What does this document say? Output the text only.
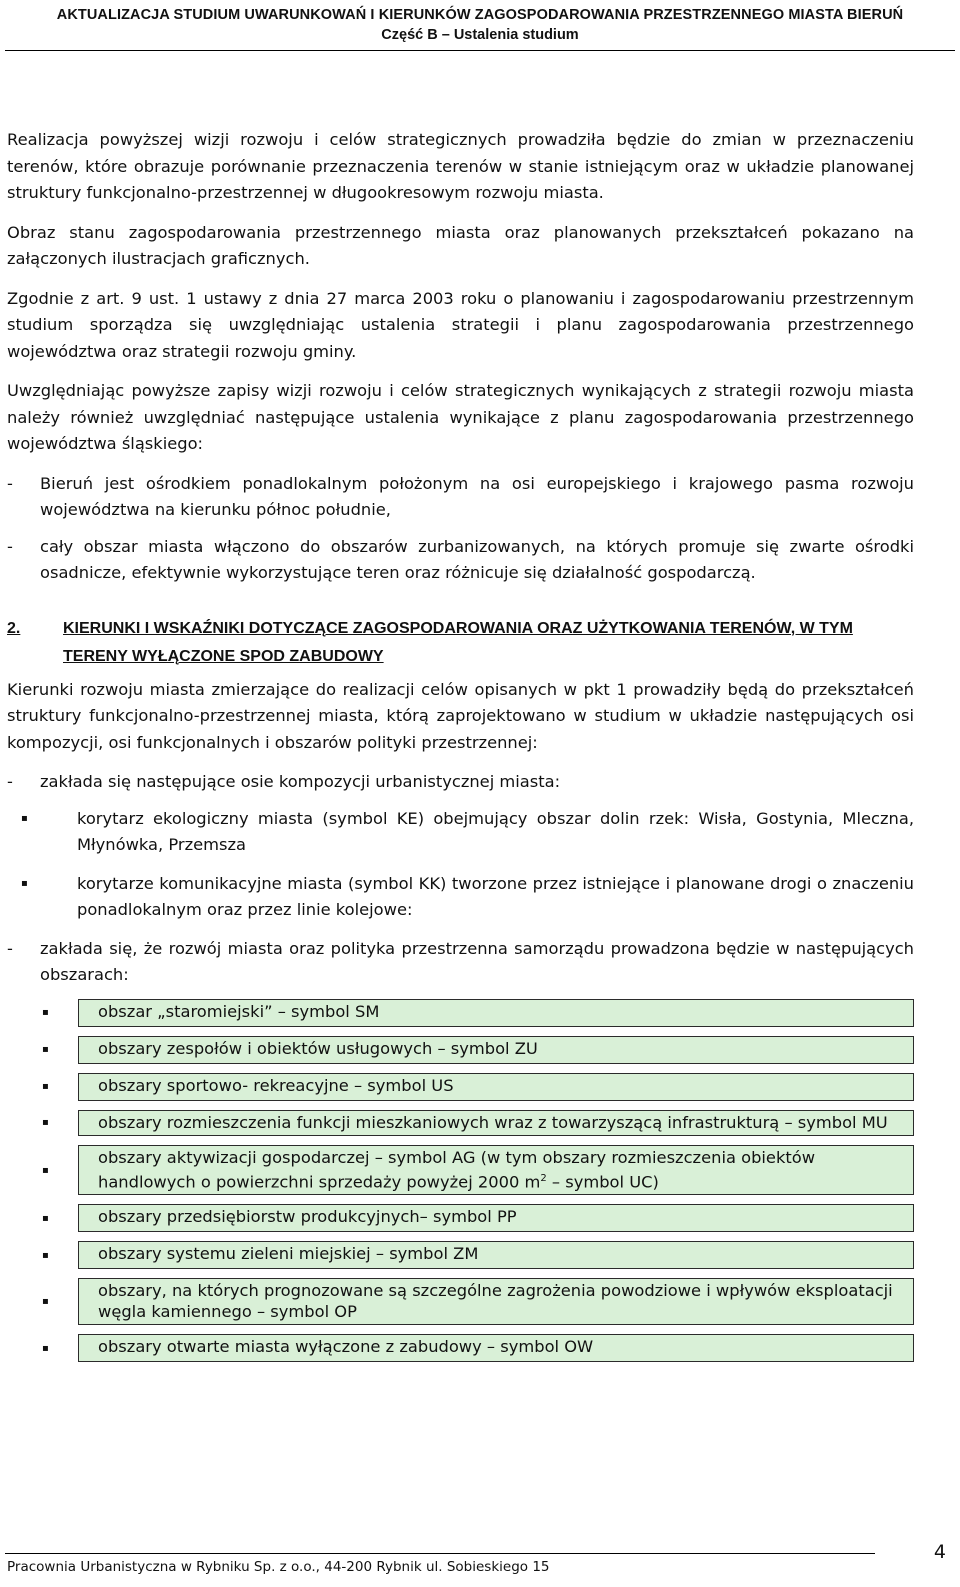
AKTUALIZACJA STUDIUM UWARUNKOWAŃ I KIERUNKÓW ZAGOSPODAROWANIA PRZESTRZENNEGO MIASTA BIERUŃ
Część B – Ustalenia studium

Realizacja powyższej wizji rozwoju i celów strategicznych prowadziła będzie do zmian w przeznaczeniu terenów, które obrazuje porównanie przeznaczenia terenów w stanie istniejącym oraz w układzie planowanej struktury funkcjonalno-przestrzennej w długookresowym rozwoju miasta.

Obraz stanu zagospodarowania przestrzennego miasta oraz planowanych przekształceń pokazano na załączonych ilustracjach graficznych.

Zgodnie z art. 9 ust. 1 ustawy z dnia 27 marca 2003 roku o planowaniu i zagospodarowaniu przestrzennym studium sporządza się uwzględniając ustalenia strategii i planu zagospodarowania przestrzennego województwa oraz strategii rozwoju gminy.

Uwzględniając powyższe zapisy wizji rozwoju i celów strategicznych wynikających z strategii rozwoju miasta należy również uwzględniać następujące ustalenia wynikające z planu zagospodarowania przestrzennego województwa śląskiego:

-	Bieruń jest ośrodkiem ponadlokalnym położonym na osi europejskiego i krajowego pasma rozwoju województwa na kierunku północ południe,
-	cały obszar miasta włączono do obszarów zurbanizowanych, na których promuje się zwarte ośrodki osadnicze, efektywnie wykorzystujące teren oraz różnicuje się działalność gospodarczą.
2.	KIERUNKI I WSKAŹNIKI DOTYCZĄCE ZAGOSPODAROWANIA ORAZ UŻYTKOWANIA TERENÓW, W TYM TERENY WYŁĄCZONE SPOD ZABUDOWY

Kierunki rozwoju miasta zmierzające do realizacji celów opisanych w pkt 1 prowadziły będą do przekształceń struktury funkcjonalno-przestrzennej miasta, którą zaprojektowano w studium w układzie następujących osi kompozycji, osi funkcjonalnych i obszarów polityki przestrzennej:

-	zakłada się następujące osie kompozycji urbanistycznej miasta:
▪	korytarz ekologiczny miasta (symbol KE) obejmujący obszar dolin rzek: Wisła, Gostynia, Mleczna, Młynówka, Przemsza
▪	korytarze komunikacyjne miasta (symbol KK) tworzone przez istniejące i planowane drogi o znaczeniu ponadlokalnym oraz przez linie kolejowe:
-	zakłada się, że rozwój miasta oraz polityka przestrzenna samorządu prowadzona będzie w następujących obszarach:
▪	obszar „staromiejski” – symbol SM
▪	obszary zespołów i obiektów usługowych – symbol ZU
▪	obszary sportowo- rekreacyjne – symbol US
▪	obszary rozmieszczenia funkcji mieszkaniowych wraz z towarzyszącą infrastrukturą – symbol MU
▪
obszary aktywizacji gospodarczej – symbol AG (w tym obszary rozmieszczenia obiektów handlowych o powierzchni sprzedaży powyżej 2000 $m^2$ – symbol UC)
▪	obszary przedsiębiorstw produkcyjnych– symbol PP
▪	obszary systemu zieleni miejskiej – symbol ZM
▪
obszary, na których prognozowane są szczególne zagrożenia powodziowe i wpływów eksploatacji węgla kamiennego – symbol OP
▪	obszary otwarte miasta wyłączone z zabudowy – symbol OW
Pracownia Urbanistyczna w Rybniku Sp. z o.o., 44-200 Rybnik ul. Sobieskiego 15
4
